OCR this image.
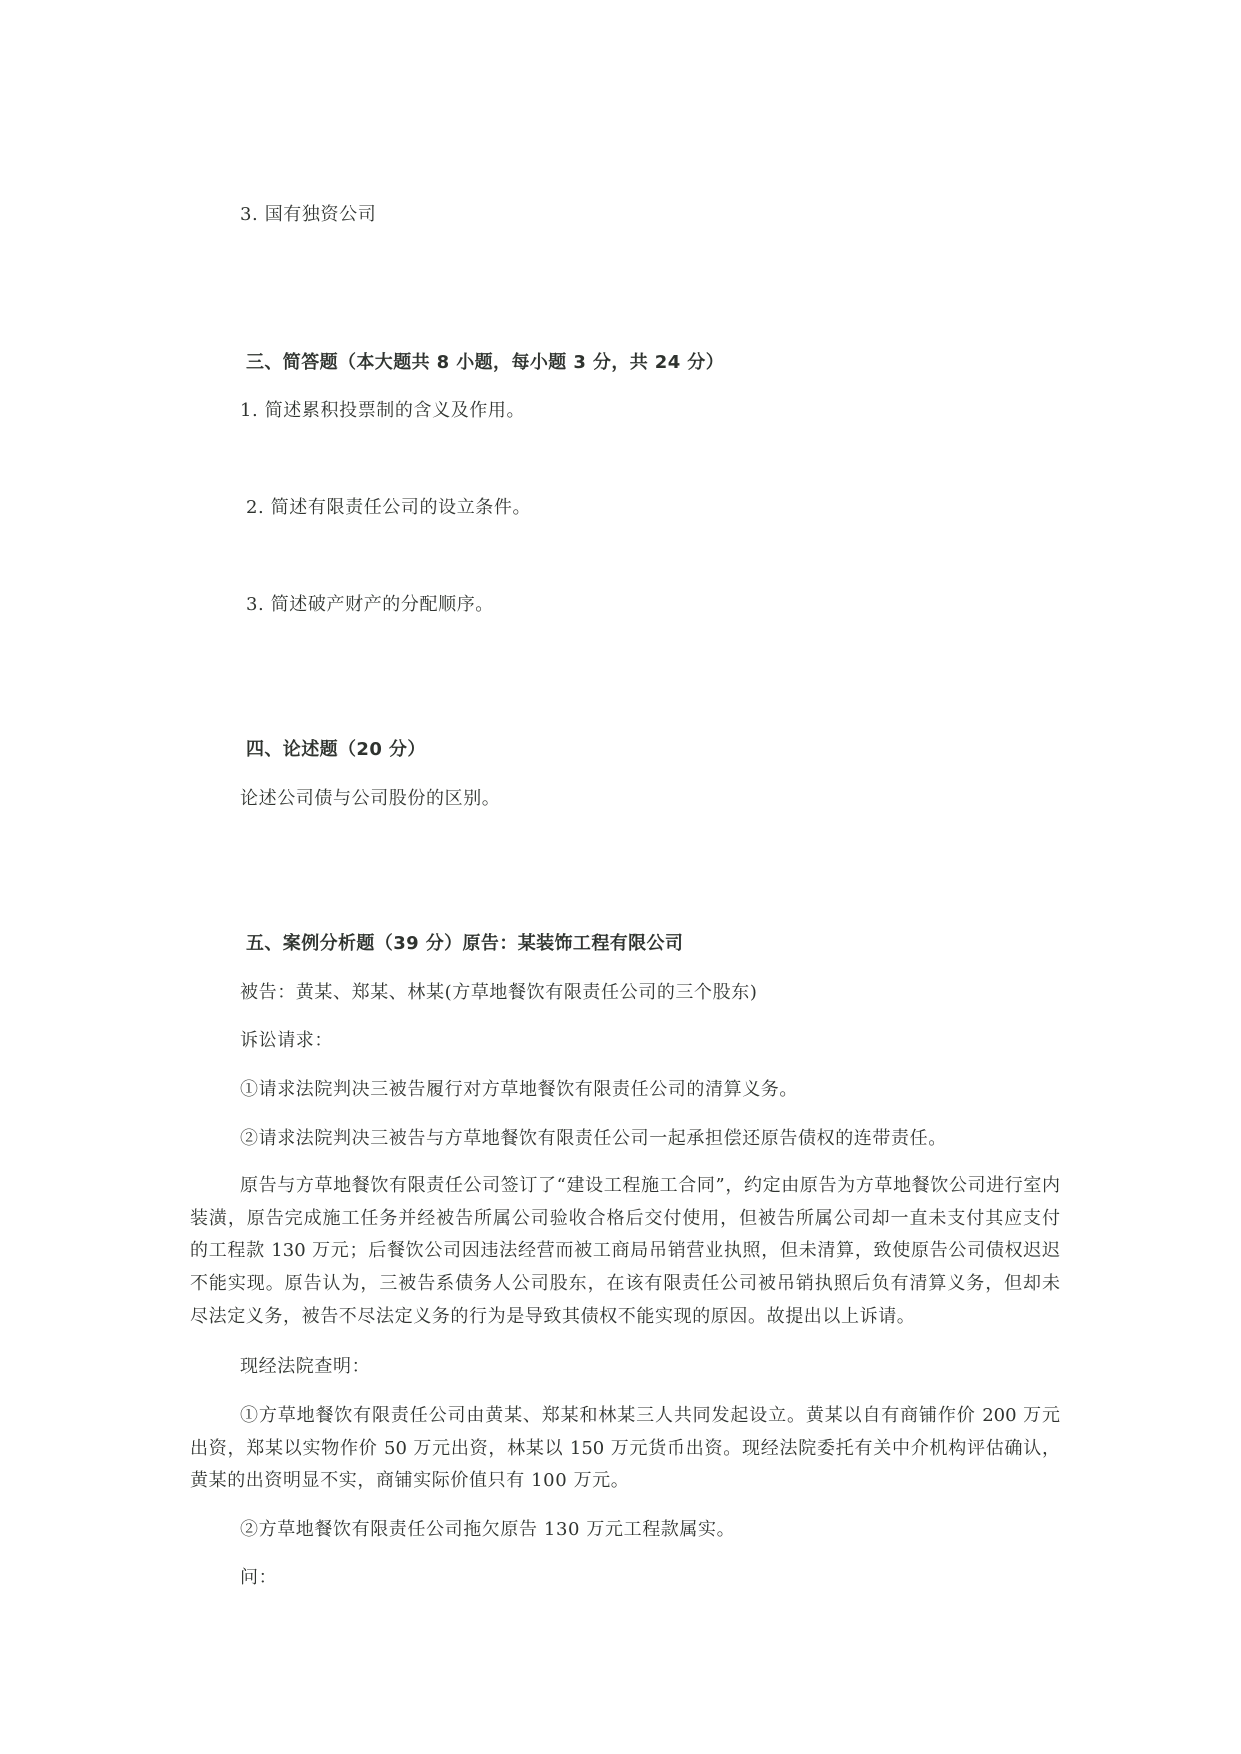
3. 国有独资公司
三、简答题（本大题共 8 小题，每小题 3 分，共 24 分）
1. 简述累积投票制的含义及作用。
2. 简述有限责任公司的设立条件。
3. 简述破产财产的分配顺序。
四、论述题（20 分）
论述公司债与公司股份的区别。
五、案例分析题（39 分）原告：某装饰工程有限公司
被告：黄某、郑某、林某(方草地餐饮有限责任公司的三个股东)
诉讼请求：
①请求法院判决三被告履行对方草地餐饮有限责任公司的清算义务。
②请求法院判决三被告与方草地餐饮有限责任公司一起承担偿还原告债权的连带责任。
原告与方草地餐饮有限责任公司签订了“建设工程施工合同”，约定由原告为方草地餐饮公司进行室内
装潢，原告完成施工任务并经被告所属公司验收合格后交付使用，但被告所属公司却一直未支付其应支付
的工程款 130 万元；后餐饮公司因违法经营而被工商局吊销营业执照，但未清算，致使原告公司债权迟迟
不能实现。原告认为，三被告系债务人公司股东，在该有限责任公司被吊销执照后负有清算义务，但却未
尽法定义务，被告不尽法定义务的行为是导致其债权不能实现的原因。故提出以上诉请。
现经法院查明：
①方草地餐饮有限责任公司由黄某、郑某和林某三人共同发起设立。黄某以自有商铺作价 200 万元
出资，郑某以实物作价 50 万元出资，林某以 150 万元货币出资。现经法院委托有关中介机构评估确认，
黄某的出资明显不实，商铺实际价值只有 100 万元。
②方草地餐饮有限责任公司拖欠原告 130 万元工程款属实。
问：
